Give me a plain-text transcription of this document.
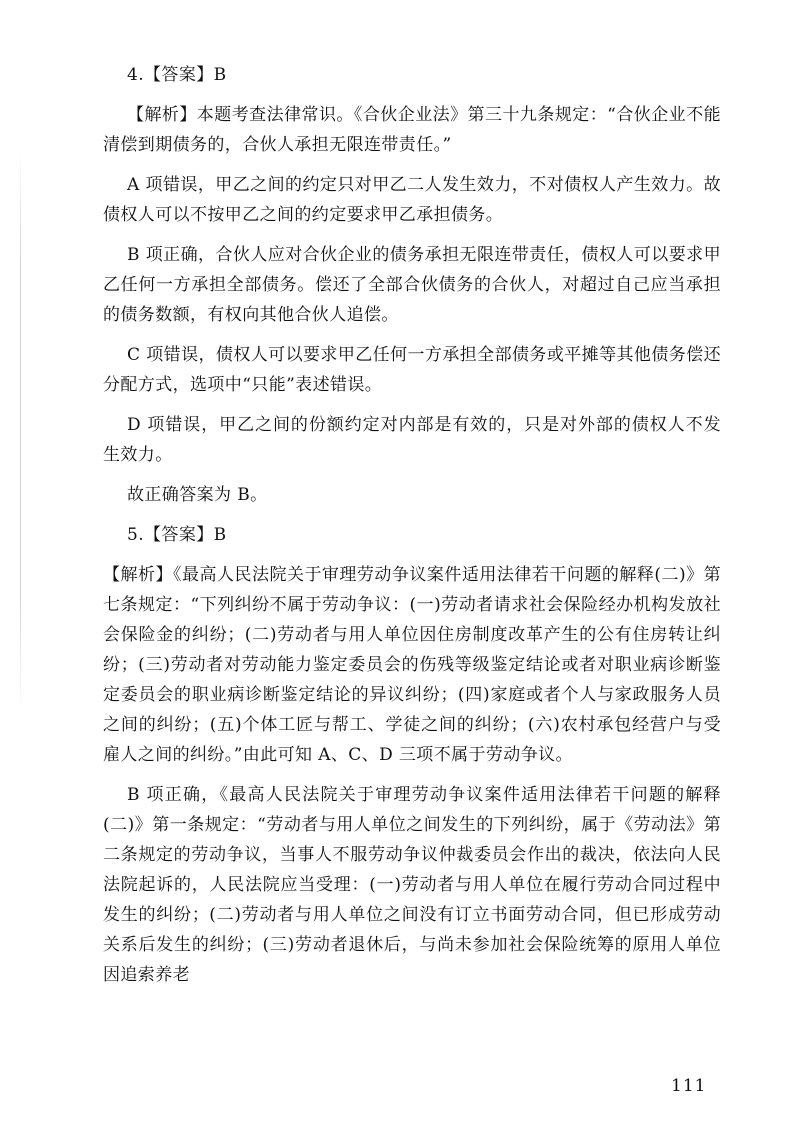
4.【答案】B

【解析】本题考查法律常识。《合伙企业法》第三十九条规定：“合伙企业不能清偿到期债务的，合伙人承担无限连带责任。”

A 项错误，甲乙之间的约定只对甲乙二人发生效力，不对债权人产生效力。故债权人可以不按甲乙之间的约定要求甲乙承担债务。

B 项正确，合伙人应对合伙企业的债务承担无限连带责任，债权人可以要求甲乙任何一方承担全部债务。偿还了全部合伙债务的合伙人，对超过自己应当承担的债务数额，有权向其他合伙人追偿。

C 项错误，债权人可以要求甲乙任何一方承担全部债务或平摊等其他债务偿还分配方式，选项中“只能”表述错误。

D 项错误，甲乙之间的份额约定对内部是有效的，只是对外部的债权人不发生效力。

故正确答案为 B。

5.【答案】B

【解析】《最高人民法院关于审理劳动争议案件适用法律若干问题的解释(二)》第七条规定：“下列纠纷不属于劳动争议：(一)劳动者请求社会保险经办机构发放社会保险金的纠纷；(二)劳动者与用人单位因住房制度改革产生的公有住房转让纠纷；(三)劳动者对劳动能力鉴定委员会的伤残等级鉴定结论或者对职业病诊断鉴定委员会的职业病诊断鉴定结论的异议纠纷；(四)家庭或者个人与家政服务人员之间的纠纷；(五)个体工匠与帮工、学徒之间的纠纷；(六)农村承包经营户与受雇人之间的纠纷。”由此可知 A、C、D 三项不属于劳动争议。

B 项正确，《最高人民法院关于审理劳动争议案件适用法律若干问题的解释(二)》第一条规定：“劳动者与用人单位之间发生的下列纠纷，属于《劳动法》第二条规定的劳动争议，当事人不服劳动争议仲裁委员会作出的裁决，依法向人民法院起诉的，人民法院应当受理：(一)劳动者与用人单位在履行劳动合同过程中发生的纠纷；(二)劳动者与用人单位之间没有订立书面劳动合同，但已形成劳动关系后发生的纠纷；(三)劳动者退休后，与尚未参加社会保险统筹的原用人单位因追索养老

111
